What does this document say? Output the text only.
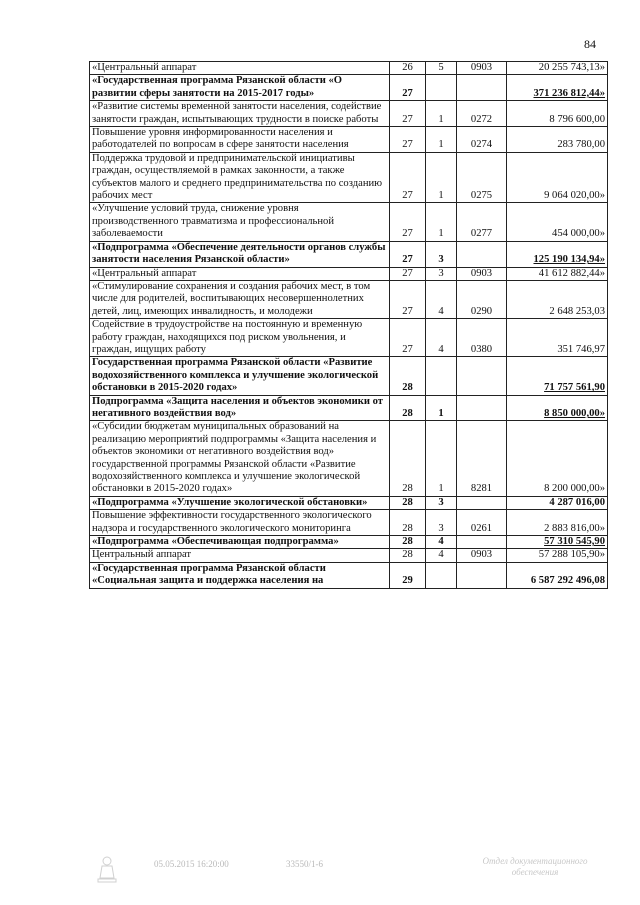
84
«Центральный аппарат	26	5	0903	20 255 743,13»
«Государственная программа Рязанской области «О развитии сферы занятости на 2015-2017 годы»	27			371 236 812,44»
«Развитие системы временной занятости населения, содействие занятости граждан, испытывающих трудности в поиске работы	27	1	0272	8 796 600,00
Повышение уровня информированности населения и работодателей по вопросам в сфере занятости населения	27	1	0274	283 780,00
Поддержка трудовой и предпринимательской инициативы граждан, осуществляемой в рамках законности, а также субъектов малого и среднего предпринимательства по созданию рабочих мест	27	1	0275	9 064 020,00»
«Улучшение условий труда, снижение уровня производственного травматизма и профессиональной заболеваемости	27	1	0277	454 000,00»
«Подпрограмма «Обеспечение деятельности органов службы занятости населения Рязанской области»	27	3		125 190 134,94»
«Центральный аппарат	27	3	0903	41 612 882,44»
«Стимулирование сохранения и создания рабочих мест, в том числе для родителей, воспитывающих несовершеннолетних детей, лиц, имеющих инвалидность, и молодежи	27	4	0290	2 648 253,03
Содействие в трудоустройстве на постоянную и временную работу граждан, находящихся под риском увольнения, и граждан, ищущих работу	27	4	0380	351 746,97
Государственная программа Рязанской области «Развитие водохозяйственного комплекса и улучшение экологической обстановки в 2015-2020 годах»	28			71 757 561,90
Подпрограмма «Защита населения и объектов экономики от негативного воздействия вод»	28	1		8 850 000,00»
«Субсидии бюджетам муниципальных образований на реализацию мероприятий подпрограммы «Защита населения и объектов экономики от негативного воздействия вод» государственной программы Рязанской области «Развитие водохозяйственного комплекса и улучшение экологической обстановки в 2015-2020 годах»	28	1	8281	8 200 000,00»
«Подпрограмма «Улучшение экологической обстановки»	28	3		4 287 016,00
Повышение эффективности государственного экологического надзора и государственного экологического мониторинга	28	3	0261	2 883 816,00»
«Подпрограмма «Обеспечивающая подпрограмма»	28	4		57 310 545,90
Центральный аппарат	28	4	0903	57 288 105,90»
«Государственная программа Рязанской области «Социальная защита и поддержка населения на	29			6 587 292 496,08
05.05.2015 16:20:00	33550/1-6	Отдел документационного
обеспечения
